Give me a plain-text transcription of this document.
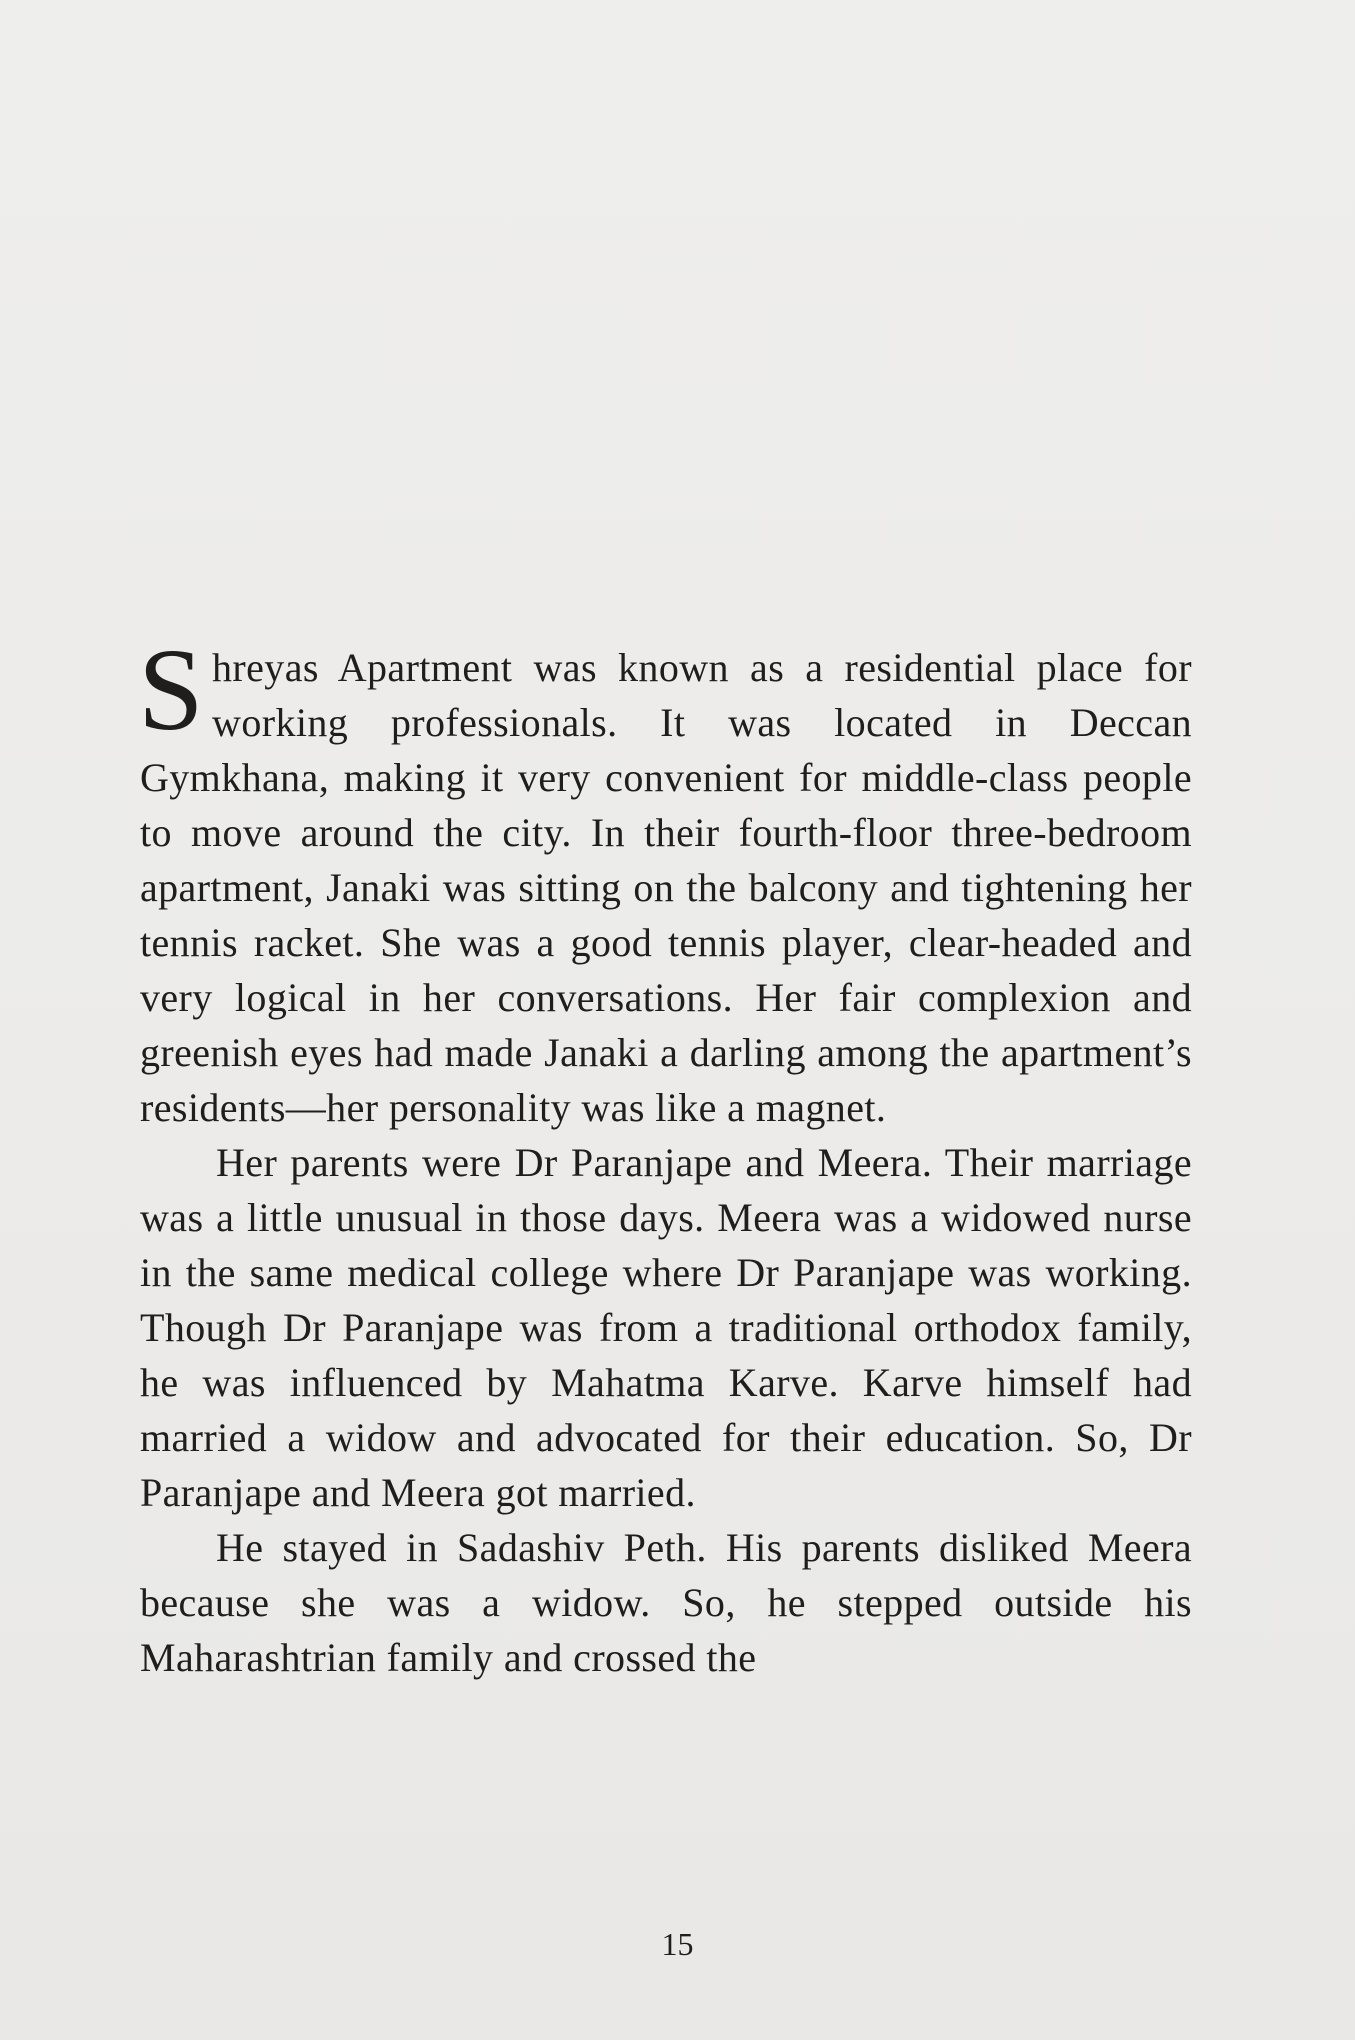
Shreyas Apartment was known as a residential place for working professionals. It was located in Deccan Gymkhana, making it very convenient for middle-class people to move around the city. In their fourth-floor three-bedroom apartment, Janaki was sitting on the balcony and tightening her tennis racket. She was a good tennis player, clear-headed and very logical in her conversations. Her fair complexion and greenish eyes had made Janaki a darling among the apartment’s residents—her personality was like a magnet.

Her parents were Dr Paranjape and Meera. Their marriage was a little unusual in those days. Meera was a widowed nurse in the same medical college where Dr Paranjape was working. Though Dr Paranjape was from a traditional orthodox family, he was influenced by Mahatma Karve. Karve himself had married a widow and advocated for their education. So, Dr Paranjape and Meera got married.

He stayed in Sadashiv Peth. His parents disliked Meera because she was a widow. So, he stepped outside his Maharashtrian family and crossed the

15
